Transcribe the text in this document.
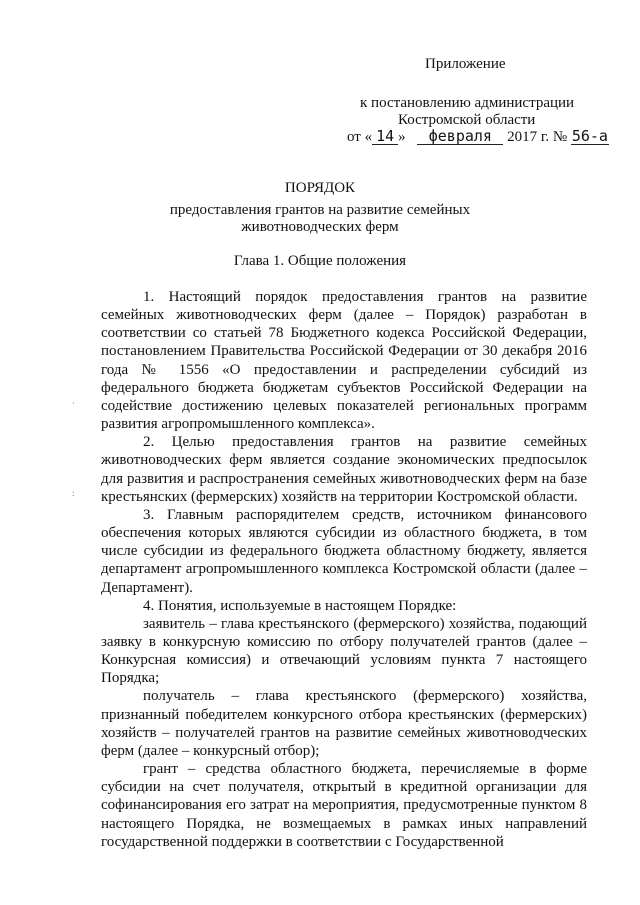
Приложение
к постановлению администрации
Костромской области
от « 14 » февраля 2017 г. № 56-а
ПОРЯДОК
предоставления грантов на развитие семейных
животноводческих ферм
Глава 1. Общие положения

1. Настоящий порядок предоставления грантов на развитие семейных животноводческих ферм (далее – Порядок) разработан в соответствии со статьей 78 Бюджетного кодекса Российской Федерации, постановлением Правительства Российской Федерации от 30 декабря 2016 года № 1556 «О предоставлении и распределении субсидий из федерального бюджета бюджетам субъектов Российской Федерации на содействие достижению целевых показателей региональных программ развития агропромышленного комплекса».

2. Целью предоставления грантов на развитие семейных животноводческих ферм является создание экономических предпосылок для развития и распространения семейных животноводческих ферм на базе крестьянских (фермерских) хозяйств на территории Костромской области.

3. Главным распорядителем средств, источником финансового обеспечения которых являются субсидии из областного бюджета, в том числе субсидии из федерального бюджета областному бюджету, является департамент агропромышленного комплекса Костромской области (далее – Департамент).

4. Понятия, используемые в настоящем Порядке:

заявитель – глава крестьянского (фермерского) хозяйства, подающий заявку в конкурсную комиссию по отбору получателей грантов (далее – Конкурсная комиссия) и отвечающий условиям пункта 7 настоящего Порядка;

получатель – глава крестьянского (фермерского) хозяйства, признанный победителем конкурсного отбора крестьянских (фермерских) хозяйств – получателей грантов на развитие семейных животноводческих ферм (далее – конкурсный отбор);

грант – средства областного бюджета, перечисляемые в форме субсидии на счет получателя, открытый в кредитной организации для софинансирования его затрат на мероприятия, предусмотренные пунктом 8 настоящего Порядка, не возмещаемых в рамках иных направлений государственной поддержки в соответствии с Государственной

·
:
